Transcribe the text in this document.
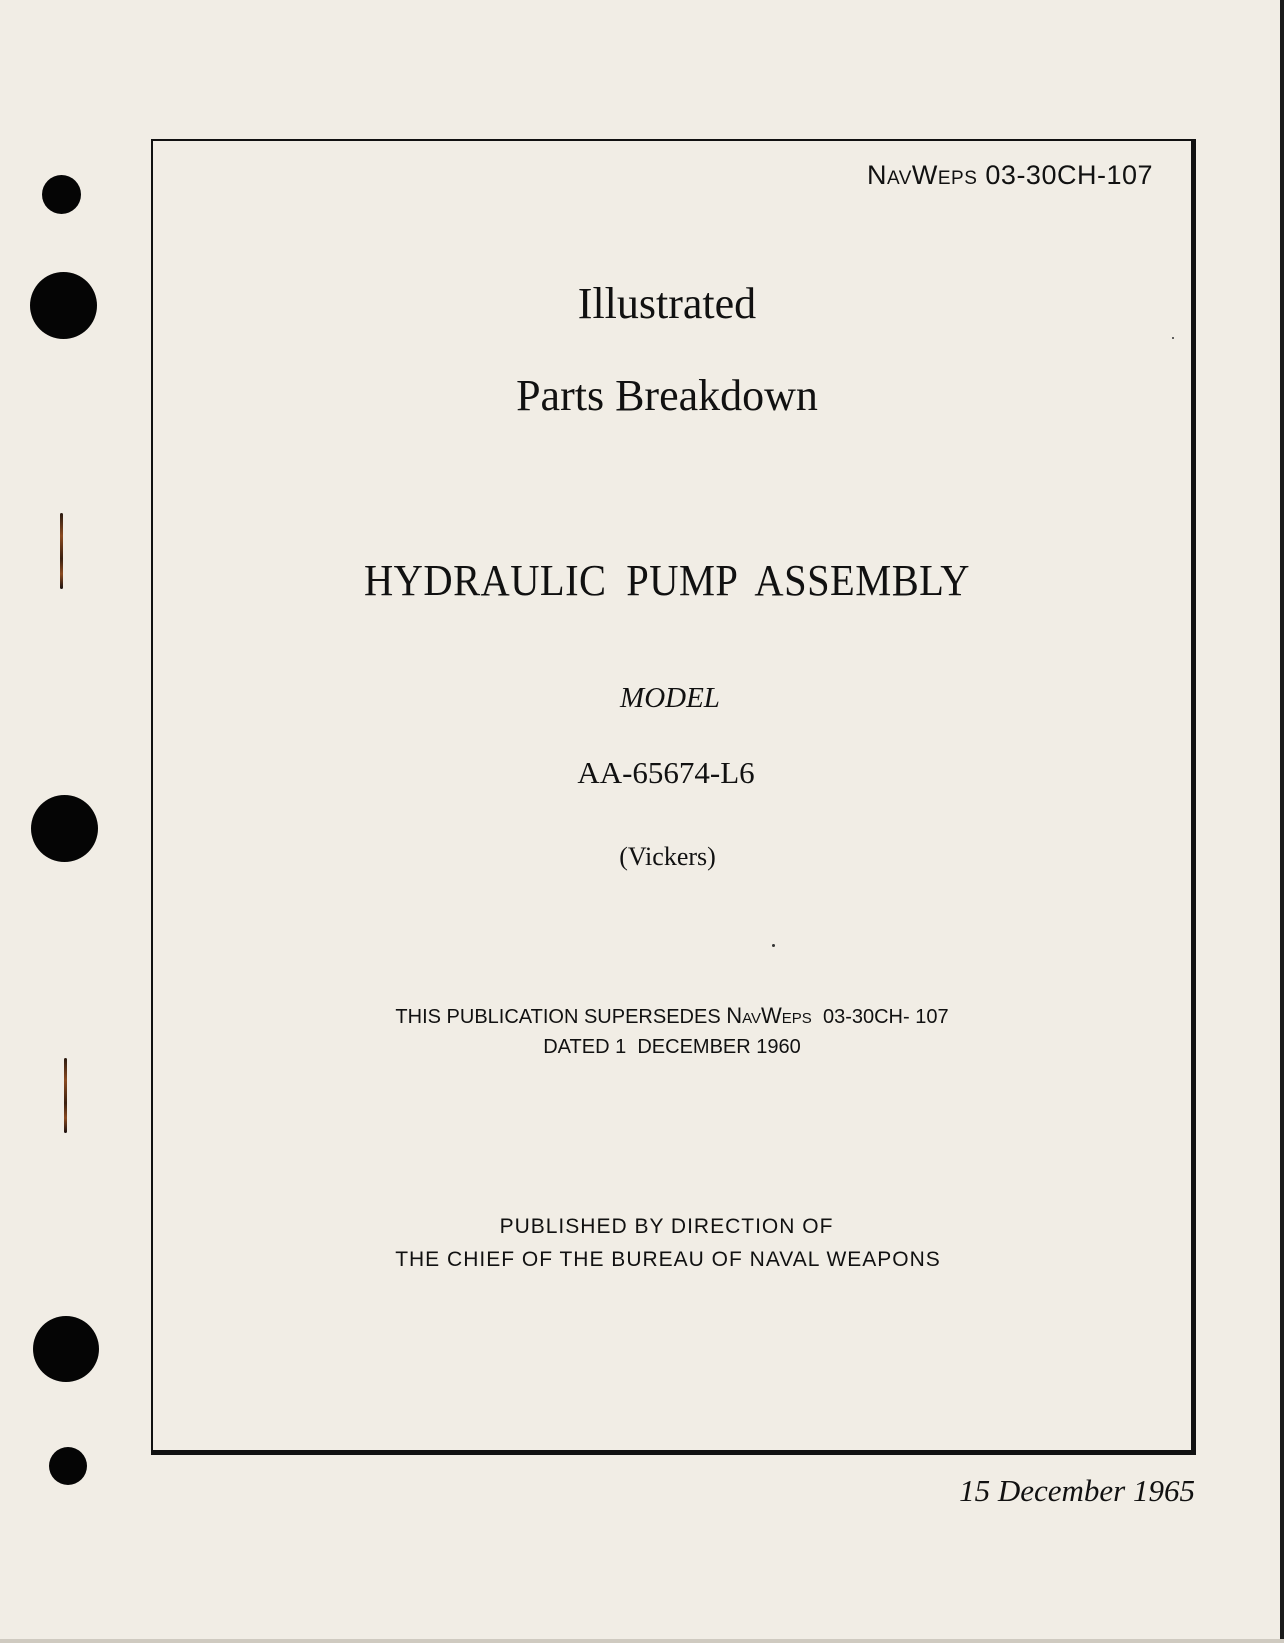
NavWeps 03-30CH-107
Illustrated
Parts Breakdown
HYDRAULIC PUMP ASSEMBLY
MODEL
AA-65674-L6
(Vickers)
THIS PUBLICATION SUPERSEDES NavWeps 03-30CH- 107
DATED 1 DECEMBER 1960
PUBLISHED BY DIRECTION OF
THE CHIEF OF THE BUREAU OF NAVAL WEAPONS
15 December 1965
